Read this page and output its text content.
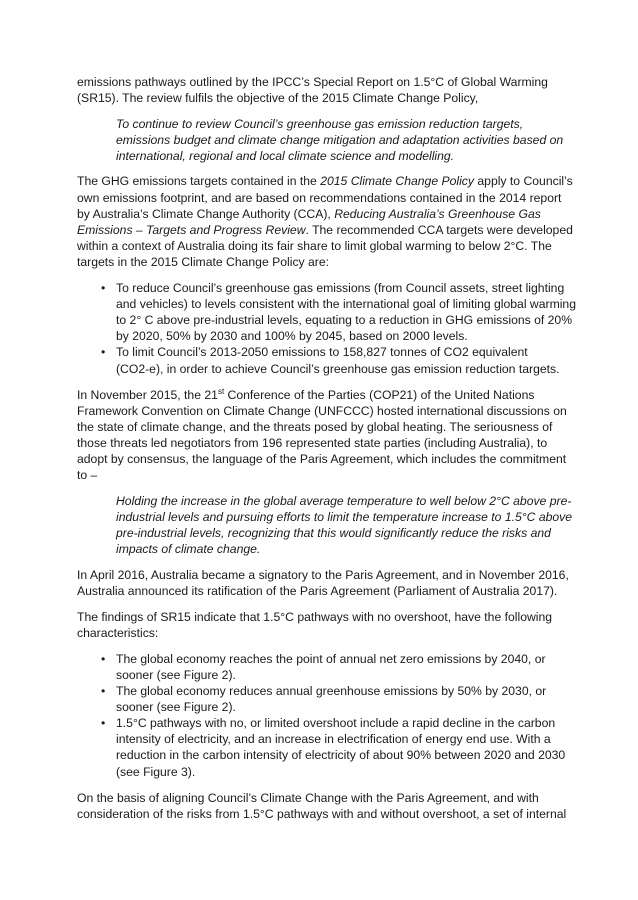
emissions pathways outlined by the IPCC’s Special Report on 1.5°C of Global Warming
(SR15). The review fulfils the objective of the 2015 Climate Change Policy,
To continue to review Council’s greenhouse gas emission reduction targets,
emissions budget and climate change mitigation and adaptation activities based on
international, regional and local climate science and modelling.
The GHG emissions targets contained in the 2015 Climate Change Policy apply to Council’s
own emissions footprint, and are based on recommendations contained in the 2014 report
by Australia’s Climate Change Authority (CCA), Reducing Australia’s Greenhouse Gas
Emissions – Targets and Progress Review. The recommended CCA targets were developed
within a context of Australia doing its fair share to limit global warming to below 2°C. The
targets in the 2015 Climate Change Policy are:
• To reduce Council’s greenhouse gas emissions (from Council assets, street lighting
and vehicles) to levels consistent with the international goal of limiting global warming
to 2° C above pre-industrial levels, equating to a reduction in GHG emissions of 20%
by 2020, 50% by 2030 and 100% by 2045, based on 2000 levels.
• To limit Council’s 2013-2050 emissions to 158,827 tonnes of CO2 equivalent
(CO2-e), in order to achieve Council’s greenhouse gas emission reduction targets.
In November 2015, the 21st Conference of the Parties (COP21) of the United Nations
Framework Convention on Climate Change (UNFCCC) hosted international discussions on
the state of climate change, and the threats posed by global heating. The seriousness of
those threats led negotiators from 196 represented state parties (including Australia), to
adopt by consensus, the language of the Paris Agreement, which includes the commitment
to –
Holding the increase in the global average temperature to well below 2°C above pre-
industrial levels and pursuing efforts to limit the temperature increase to 1.5°C above
pre-industrial levels, recognizing that this would significantly reduce the risks and
impacts of climate change.
In April 2016, Australia became a signatory to the Paris Agreement, and in November 2016,
Australia announced its ratification of the Paris Agreement (Parliament of Australia 2017).
The findings of SR15 indicate that 1.5°C pathways with no overshoot, have the following
characteristics:
• The global economy reaches the point of annual net zero emissions by 2040, or
sooner (see Figure 2).
• The global economy reduces annual greenhouse emissions by 50% by 2030, or
sooner (see Figure 2).
• 1.5°C pathways with no, or limited overshoot include a rapid decline in the carbon
intensity of electricity, and an increase in electrification of energy end use. With a
reduction in the carbon intensity of electricity of about 90% between 2020 and 2030
(see Figure 3).
On the basis of aligning Council’s Climate Change with the Paris Agreement, and with
consideration of the risks from 1.5°C pathways with and without overshoot, a set of internal
